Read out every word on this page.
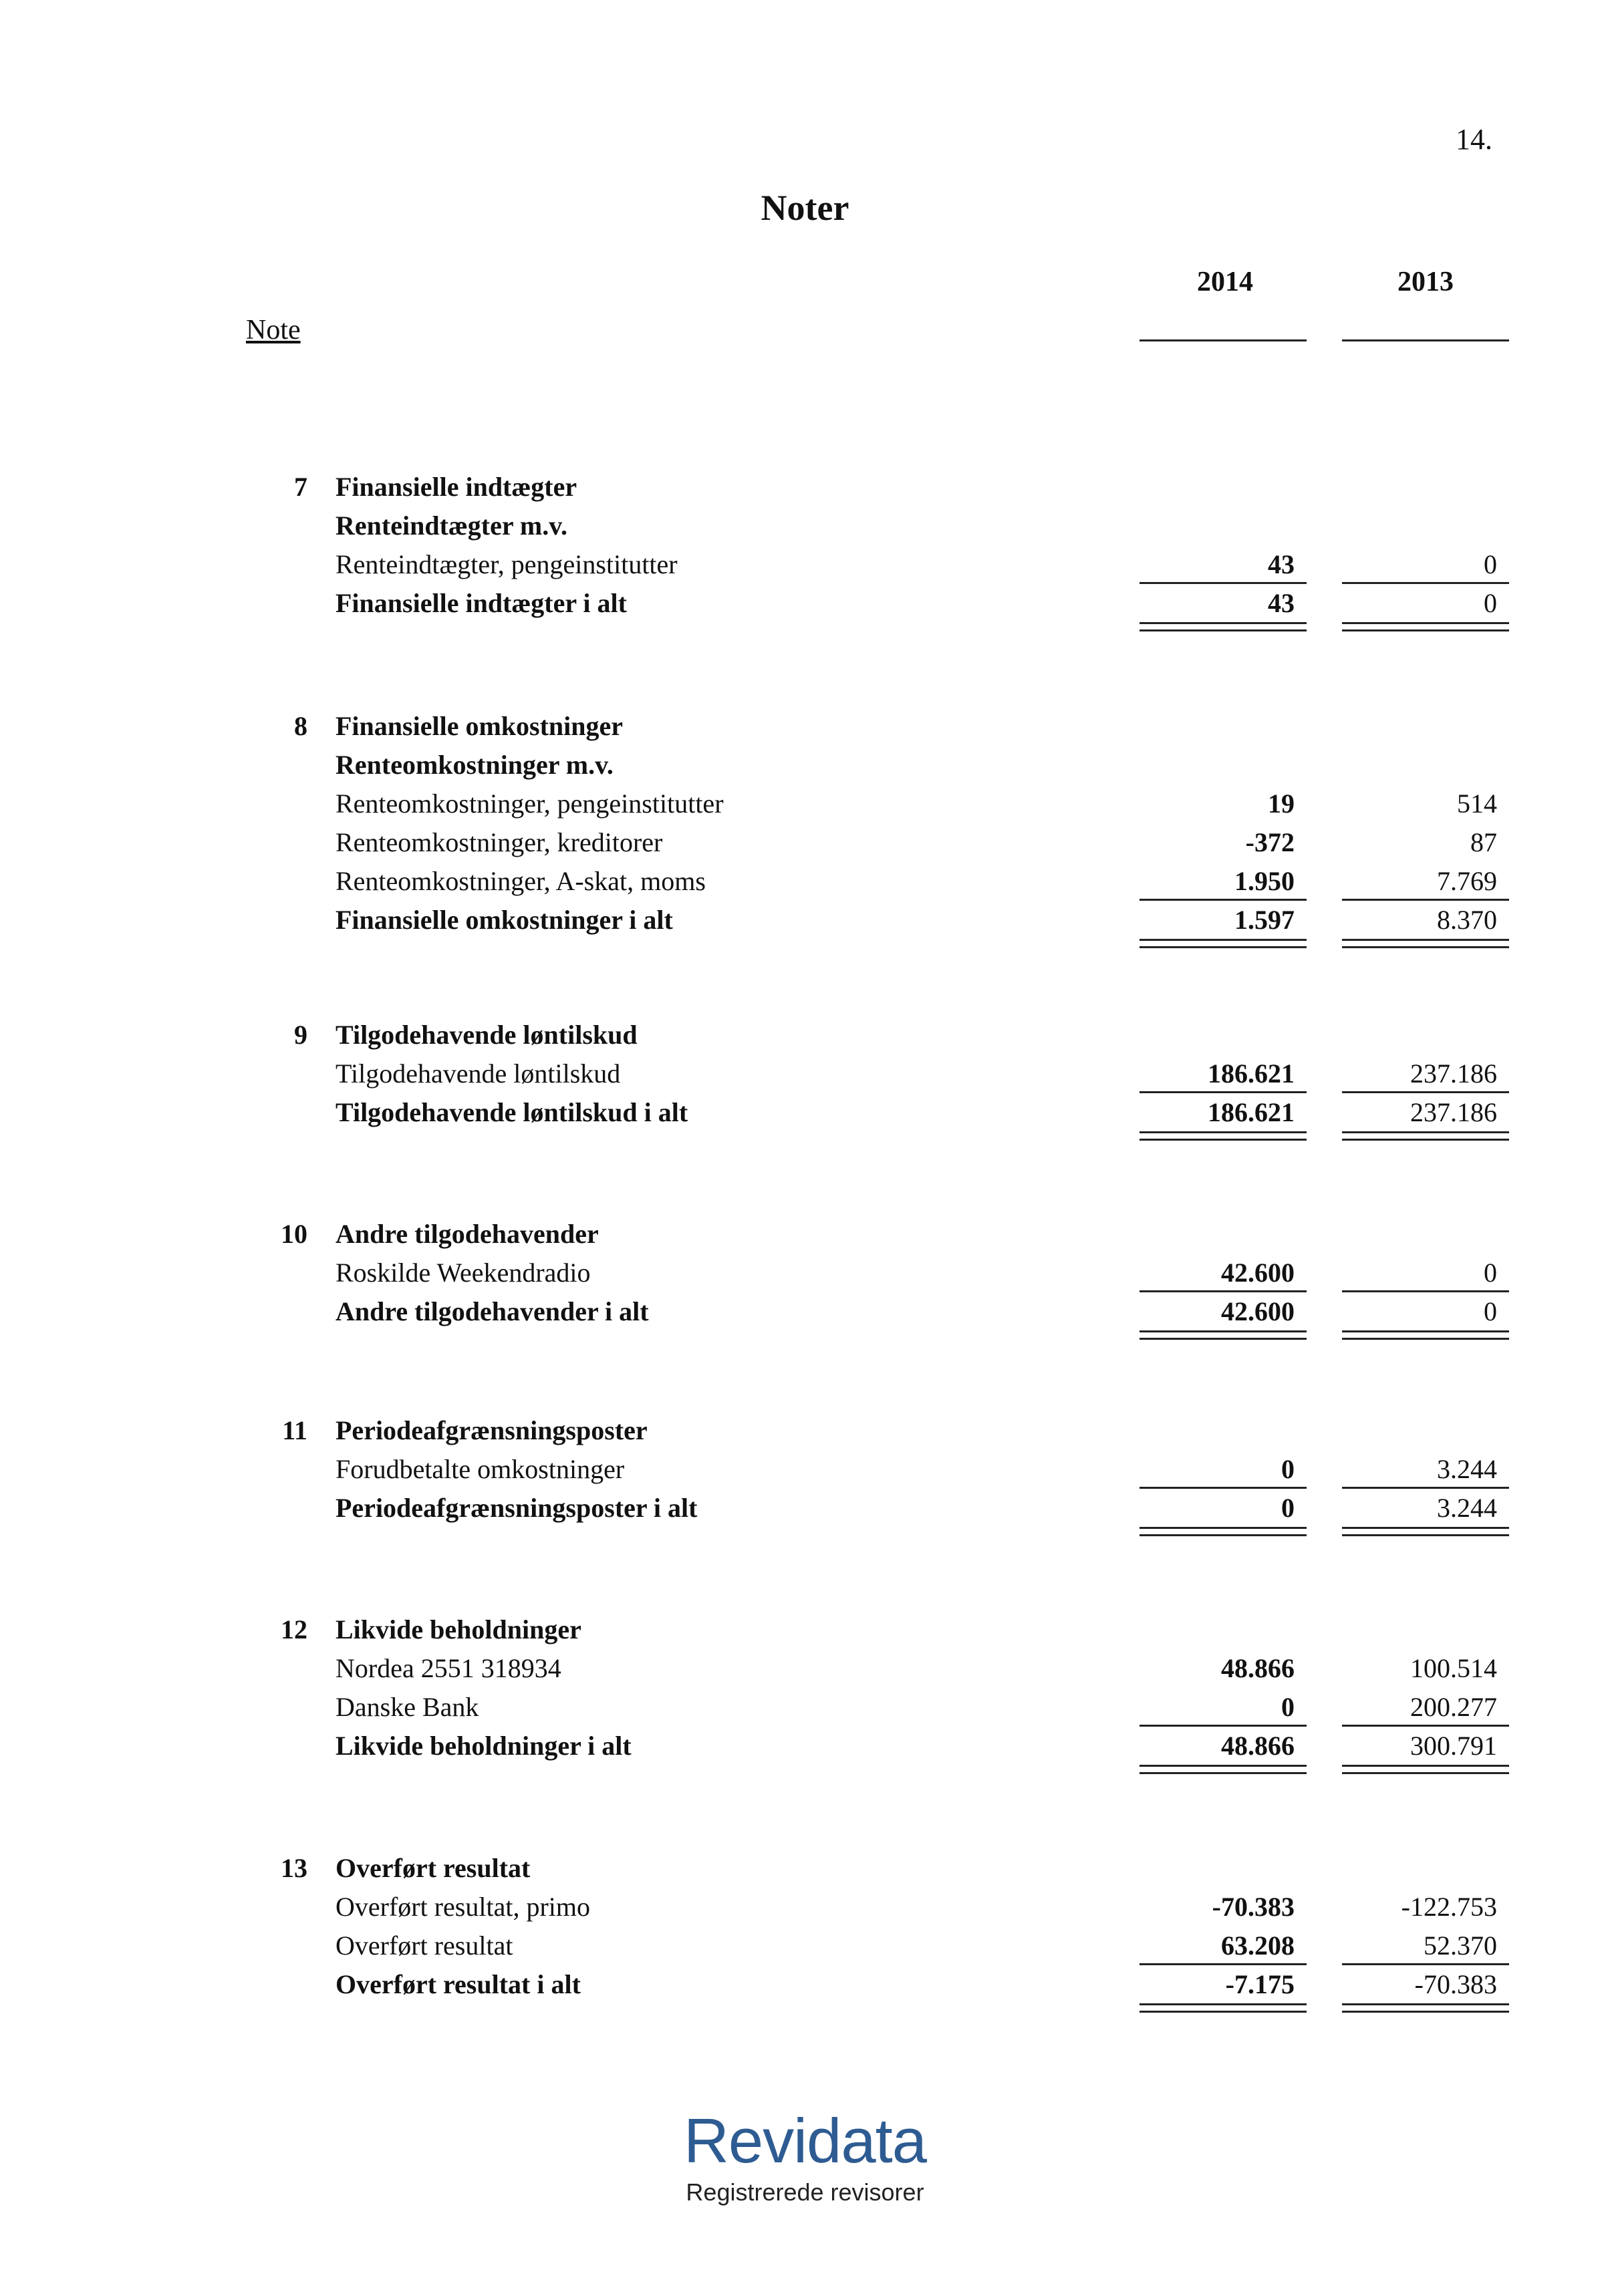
14.
Noter
2014	2013
Note
7 Finansielle indtægter
Renteindtægter m.v.
Renteindtægter, pengeinstitutter	43	0
Finansielle indtægter i alt	43	0
8 Finansielle omkostninger
Renteomkostninger m.v.
Renteomkostninger, pengeinstitutter	19	514
Renteomkostninger, kreditorer	-372	87
Renteomkostninger, A-skat, moms	1.950	7.769
Finansielle omkostninger i alt	1.597	8.370
9 Tilgodehavende løntilskud
Tilgodehavende løntilskud	186.621	237.186
Tilgodehavende løntilskud i alt	186.621	237.186
10 Andre tilgodehavender
Roskilde Weekendradio	42.600	0
Andre tilgodehavender i alt	42.600	0
11 Periodeafgrænsningsposter
Forudbetalte omkostninger	0	3.244
Periodeafgrænsningsposter i alt	0	3.244
12 Likvide beholdninger
Nordea 2551 318934	48.866	100.514
Danske Bank	0	200.277
Likvide beholdninger i alt	48.866	300.791
13 Overført resultat
Overført resultat, primo	-70.383	-122.753
Overført resultat	63.208	52.370
Overført resultat i alt	-7.175	-70.383
Revidata
Registrerede revisorer
